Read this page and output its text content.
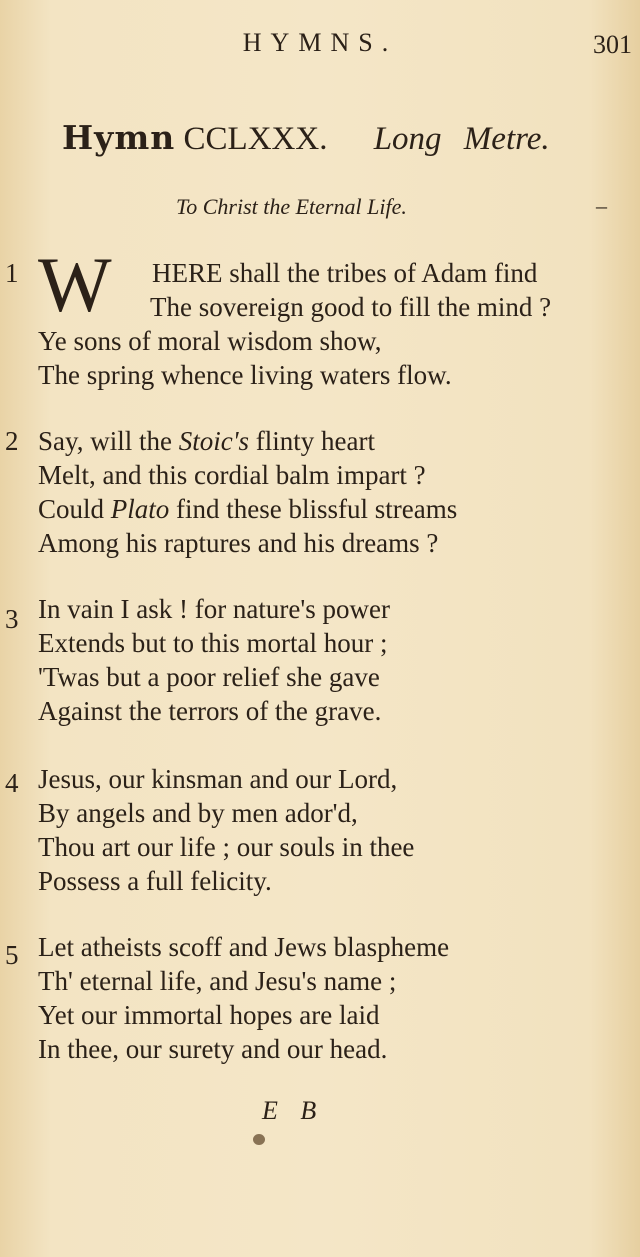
HYMNS.	301
Hymn CCLXXX. Long Metre.
To Christ the Eternal Life.	–
1 W HERE shall the tribes of Adam find
The sovereign good to fill the mind ?
Ye sons of moral wisdom show,
The spring whence living waters flow.
2 Say, will the Stoic's flinty heart
Melt, and this cordial balm impart ?
Could Plato find these blissful streams
Among his raptures and his dreams ?
3 In vain I ask ! for nature's power
Extends but to this mortal hour ;
'Twas but a poor relief she gave
Against the terrors of the grave.
4 Jesus, our kinsman and our Lord,
By angels and by men ador'd,
Thou art our life ; our souls in thee
Possess a full felicity.
5 Let atheists scoff and Jews blaspheme
Th' eternal life, and Jesu's name ;
Yet our immortal hopes are laid
In thee, our surety and our head.
E B
